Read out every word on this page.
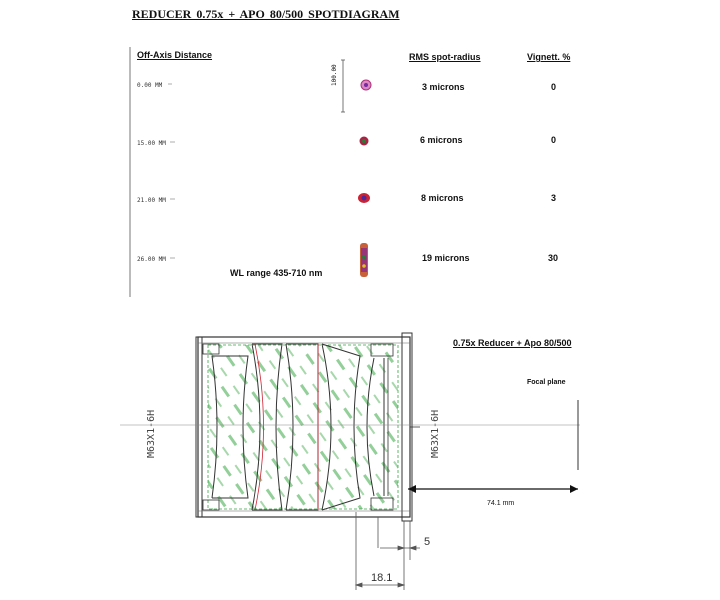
REDUCER 0.75x + APO 80/500 SPOTDIAGRAM
Off-Axis Distance	RMS spot-radius	Vignett. %
100.00
0.00 MM	3 microns	0
15.00 MM	6 microns	0
21.00 MM	8 microns	3
26.00 MM	19 microns	30
WL range 435-710 nm
0.75x Reducer + Apo 80/500
Focal plane
74.1 mm
M63X1-6H	M63X1-6H
5
18.1
